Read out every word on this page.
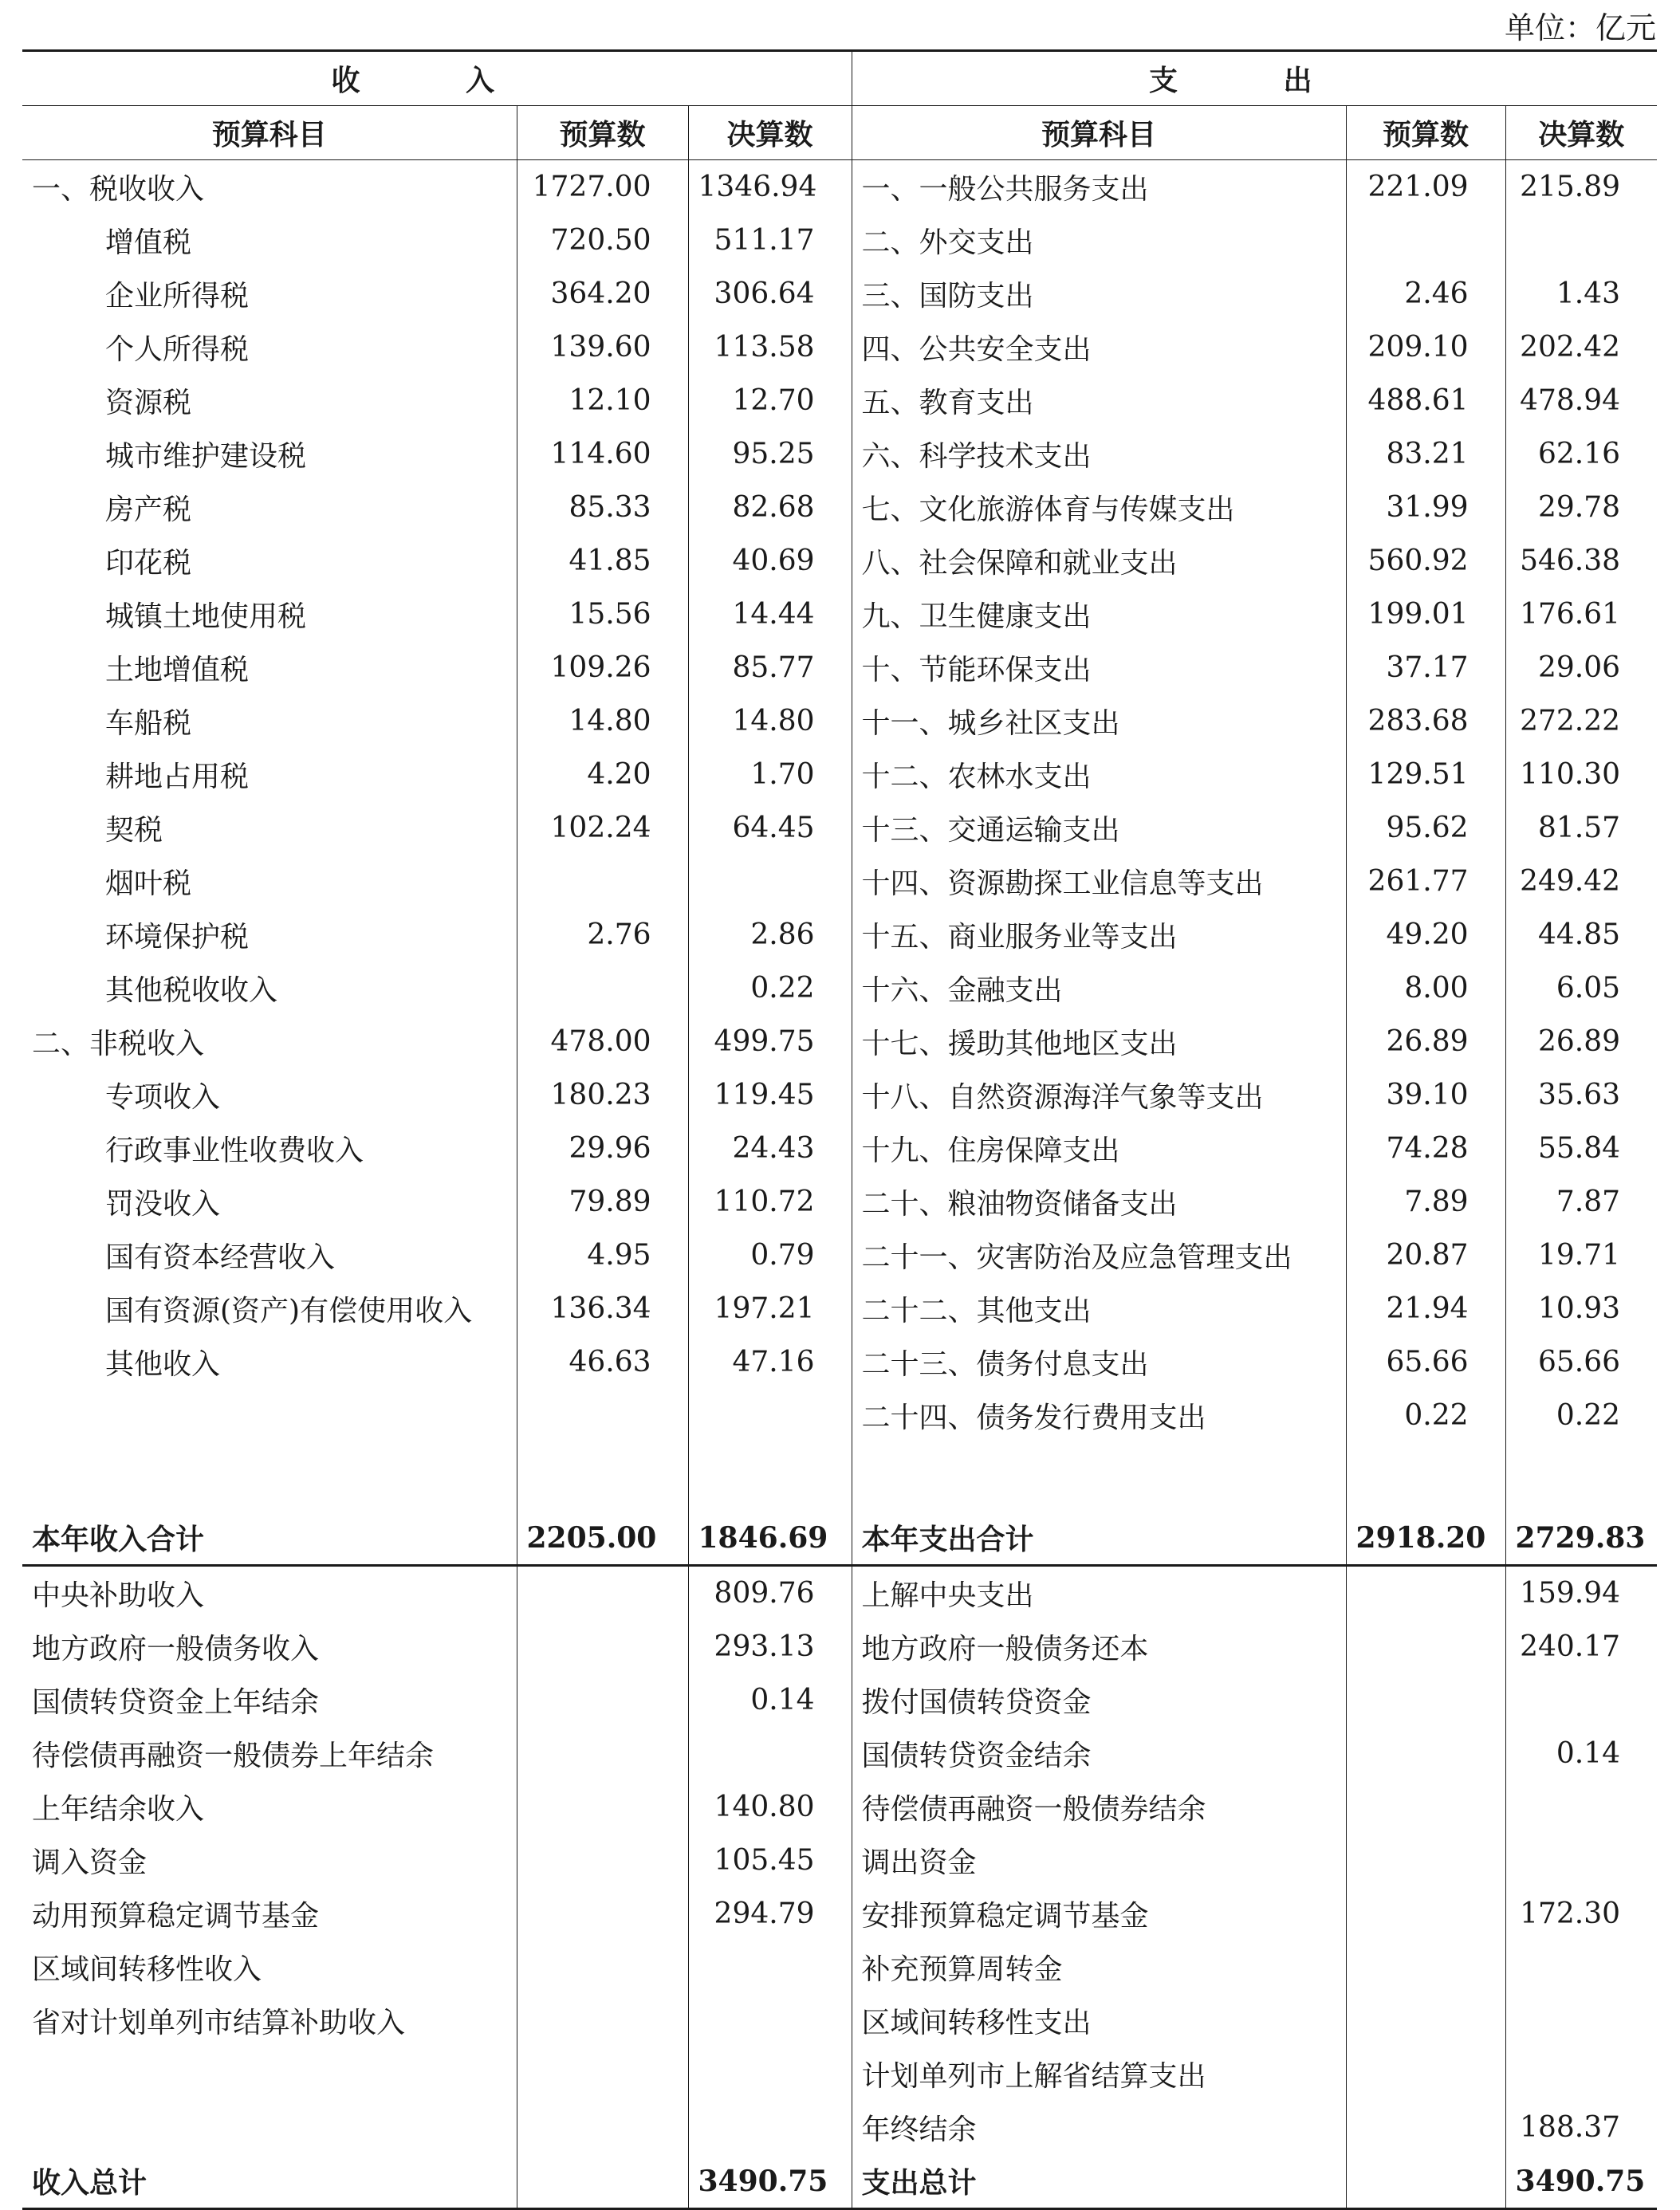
单位：亿元
收 入			支 出		
预算科目	预算数	决算数	预算科目	预算数	决算数
一、税收收入	1727.00	1346.94	一、一般公共服务支出	221.09	215.89
增值税	720.50	511.17	二、外交支出		
企业所得税	364.20	306.64	三、国防支出	2.46	1.43
个人所得税	139.60	113.58	四、公共安全支出	209.10	202.42
资源税	12.10	12.70	五、教育支出	488.61	478.94
城市维护建设税	114.60	95.25	六、科学技术支出	83.21	62.16
房产税	85.33	82.68	七、文化旅游体育与传媒支出	31.99	29.78
印花税	41.85	40.69	八、社会保障和就业支出	560.92	546.38
城镇土地使用税	15.56	14.44	九、卫生健康支出	199.01	176.61
土地增值税	109.26	85.77	十、节能环保支出	37.17	29.06
车船税	14.80	14.80	十一、城乡社区支出	283.68	272.22
耕地占用税	4.20	1.70	十二、农林水支出	129.51	110.30
契税	102.24	64.45	十三、交通运输支出	95.62	81.57
烟叶税			十四、资源勘探工业信息等支出	261.77	249.42
环境保护税	2.76	2.86	十五、商业服务业等支出	49.20	44.85
其他税收收入		0.22	十六、金融支出	8.00	6.05
二、非税收入	478.00	499.75	十七、援助其他地区支出	26.89	26.89
专项收入	180.23	119.45	十八、自然资源海洋气象等支出	39.10	35.63
行政事业性收费收入	29.96	24.43	十九、住房保障支出	74.28	55.84
罚没收入	79.89	110.72	二十、粮油物资储备支出	7.89	7.87
国有资本经营收入	4.95	0.79	二十一、灾害防治及应急管理支出	20.87	19.71
国有资源(资产)有偿使用收入	136.34	197.21	二十二、其他支出	21.94	10.93
其他收入	46.63	47.16	二十三、债务付息支出	65.66	65.66
			二十四、债务发行费用支出	0.22	0.22

本年收入合计	2205.00	1846.69	本年支出合计	2918.20	2729.83
中央补助收入		809.76	上解中央支出		159.94
地方政府一般债务收入		293.13	地方政府一般债务还本		240.17
国债转贷资金上年结余		0.14	拨付国债转贷资金		
待偿债再融资一般债券上年结余			国债转贷资金结余		0.14
上年结余收入		140.80	待偿债再融资一般债券结余		
调入资金		105.45	调出资金		
动用预算稳定调节基金		294.79	安排预算稳定调节基金		172.30
区域间转移性收入			补充预算周转金		
省对计划单列市结算补助收入			区域间转移性支出		
			计划单列市上解省结算支出		
			年终结余		188.37
收入总计		3490.75	支出总计		3490.75
